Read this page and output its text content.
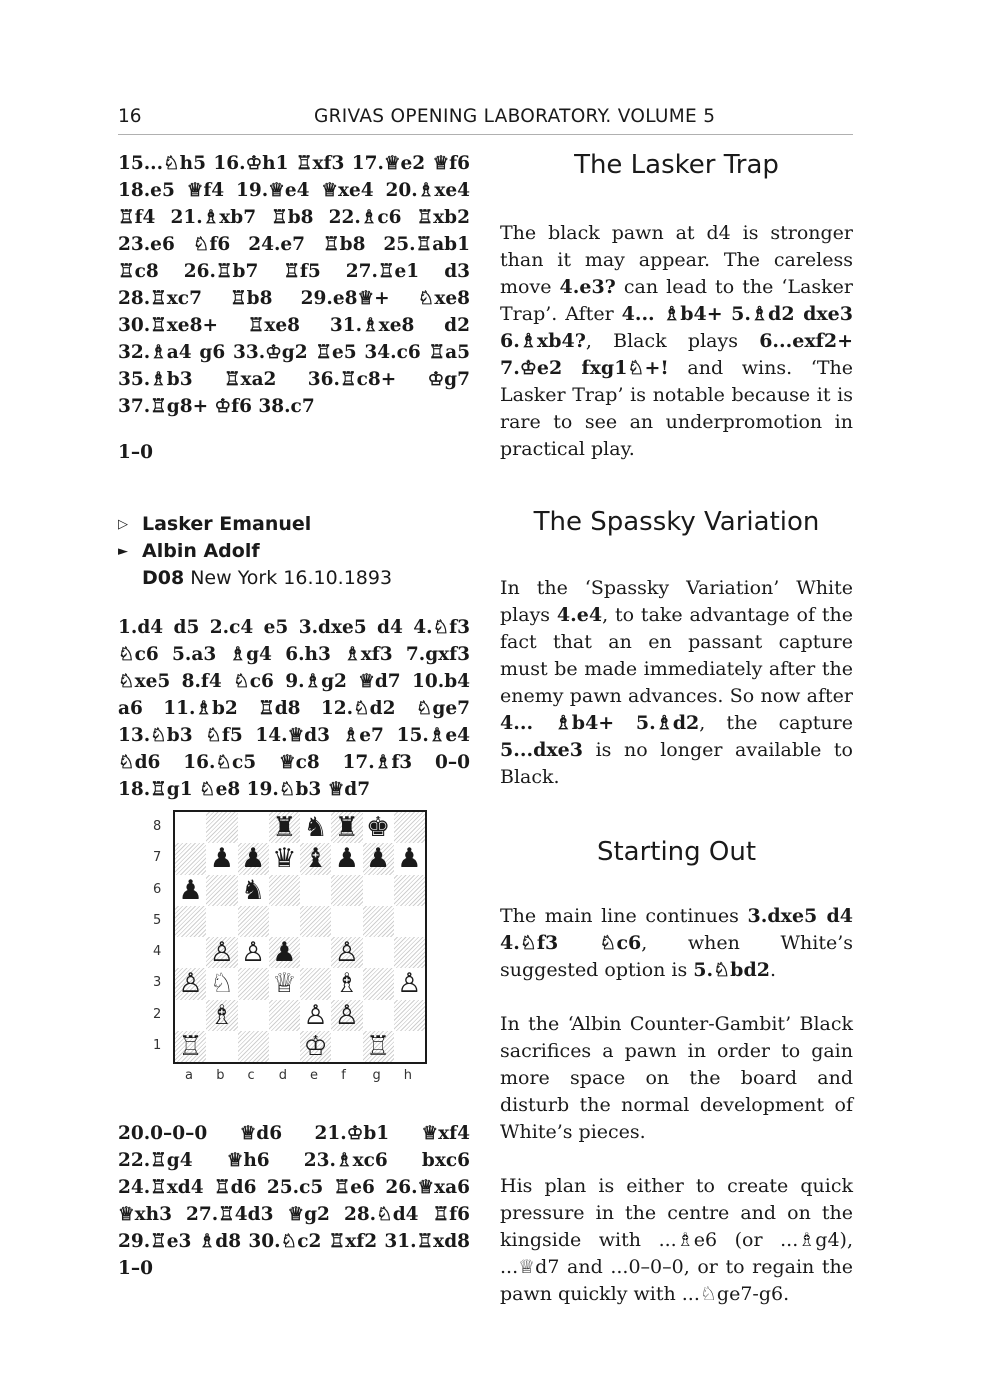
16	GRIVAS OPENING LABORATORY. VOLUME 5

15...♘h5 16.♔h1 ♖xf3 17.♕e2 ♕f6 18.e5 ♕f4 19.♕e4 ♕xe4 20.♗xe4 ♖f4 21.♗xb7 ♖b8 22.♗c6 ♖xb2 23.e6 ♘f6 24.e7 ♖b8 25.♖ab1 ♖c8 26.♖b7 ♖f5 27.♖e1 d3 28.♖xc7 ♖b8 29.e8♕+ ♘xe8 30.♖xe8+ ♖xe8 31.♗xe8 d2 32.♗a4 g6 33.♔g2 ♖e5 34.c6 ♖a5 35.♗b3 ♖xa2 36.♖c8+ ♔g7 37.♖g8+ ♔f6 38.c7

1–0

▷ Lasker Emanuel
► Albin Adolf
D08 New York 16.10.1893

1.d4 d5 2.c4 e5 3.dxe5 d4 4.♘f3 ♘c6 5.a3 ♗g4 6.h3 ♗xf3 7.gxf3 ♘xe5 8.f4 ♘c6 9.♗g2 ♕d7 10.b4 a6 11.♗b2 ♖d8 12.♘d2 ♘ge7 13.♘b3 ♘f5 14.♕d3 ♗e7 15.♗e4 ♘d6 16.♘c5 ♕c8 17.♗f3 0–0 18.♖g1 ♘e8 19.♘b3 ♕d7

♜ ♞ ♜ ♚
♟ ♟ ♛ ♝ ♟ ♟ ♟
♟ ♞
♙ ♙ ♟ ♙
♙ ♘ ♕ ♗ ♙
♗	♙ ♙
♖	♔ ♖
8
7
6
5
4
3
2
1
a b c d e f g h

20.0–0–0 ♕d6 21.♔b1 ♕xf4 22.♖g4 ♕h6 23.♗xc6 bxc6 24.♖xd4 ♖d6 25.c5 ♖e6 26.♕xa6 ♕xh3 27.♖4d3 ♕g2 28.♘d4 ♖f6 29.♖e3 ♗d8 30.♘c2 ♖xf2 31.♖xd8 1–0

The Lasker Trap

The black pawn at d4 is stronger than it may appear. The careless move 4.e3? can lead to the ‘Lasker Trap’. After 4... ♗b4+ 5.♗d2 dxe3 6.♗xb4?, Black plays 6...exf2+ 7.♔e2 fxg1♘+! and wins. ‘The Lasker Trap’ is notable because it is rare to see an underpromotion in practical play.

The Spassky Variation

In the ‘Spassky Variation’ White plays 4.e4, to take advantage of the fact that an en passant capture must be made immediately after the enemy pawn advances. So now after 4... ♗b4+ 5.♗d2, the capture 5...dxe3 is no longer available to Black.

Starting Out

The main line continues 3.dxe5 d4 4.♘f3 ♘c6, when White’s suggested option is 5.♘bd2.

In the ‘Albin Counter-Gambit’ Black sacrifices a pawn in order to gain more space on the board and disturb the normal development of White’s pieces.

His plan is either to create quick pressure in the centre and on the kingside with ...♗e6 (or ...♗g4), ...♕d7 and ...0–0–0, or to regain the pawn quickly with ...♘ge7-g6.
